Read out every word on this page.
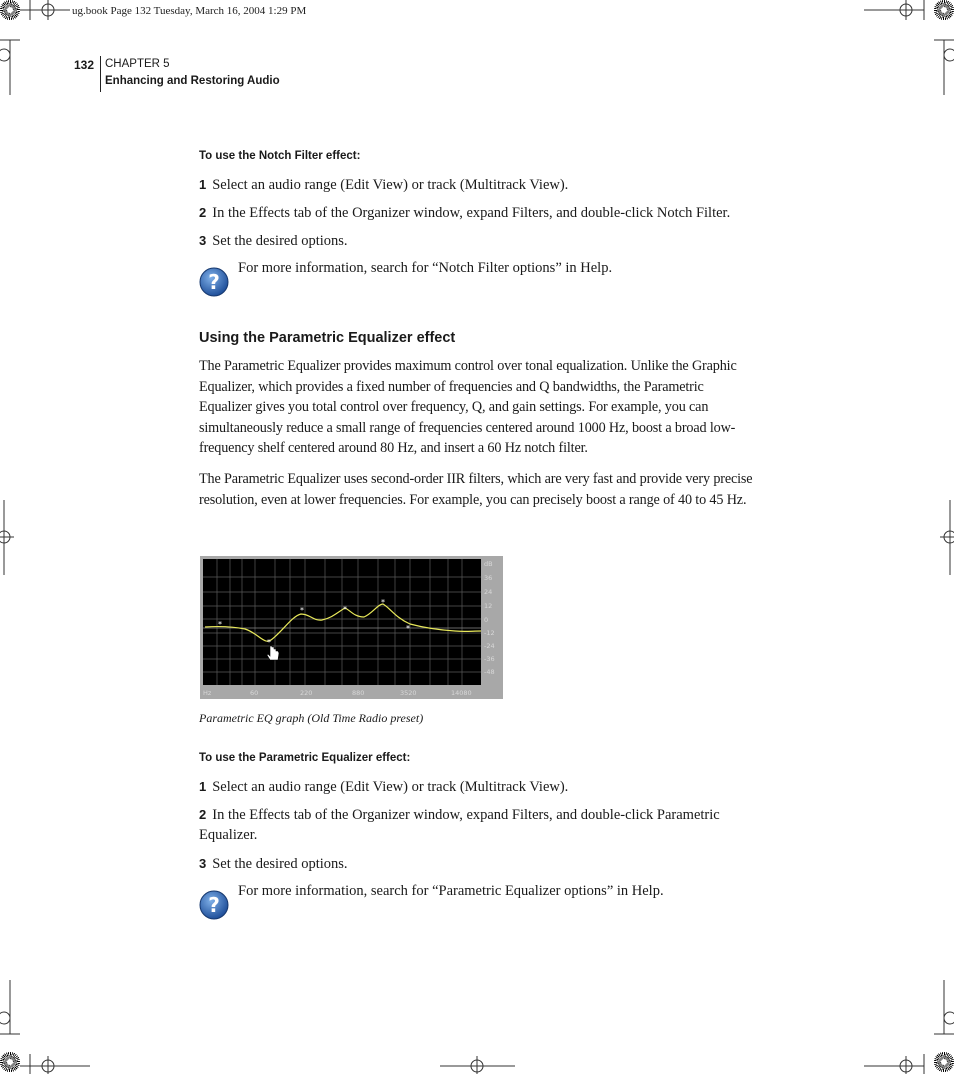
ug.book Page 132 Tuesday, March 16, 2004 1:29 PM
132 CHAPTER 5
Enhancing and Restoring Audio
To use the Notch Filter effect:
1 Select an audio range (Edit View) or track (Multitrack View).
2 In the Effects tab of the Organizer window, expand Filters, and double-click Notch Filter.
3 Set the desired options.
?
For more information, search for “Notch Filter options” in Help.
Using the Parametric Equalizer effect
The Parametric Equalizer provides maximum control over tonal equalization. Unlike the Graphic Equalizer, which provides a fixed number of frequencies and Q bandwidths, the Parametric Equalizer gives you total control over frequency, Q, and gain settings. For example, you can simultaneously reduce a small range of frequencies centered around 1000 Hz, boost a broad low-frequency shelf centered around 80 Hz, and insert a 60 Hz notch filter.
The Parametric Equalizer uses second-order IIR filters, which are very fast and provide very precise resolution, even at lower frequencies. For example, you can precisely boost a range of 40 to 45 Hz.
*
*
*	*
*
*
dB
36
24
12
0
-12
-24
-36
-48
Hz	60	220	880	3520	14080
Parametric EQ graph (Old Time Radio preset)
To use the Parametric Equalizer effect:
1 Select an audio range (Edit View) or track (Multitrack View).
2 In the Effects tab of the Organizer window, expand Filters, and double-click Parametric Equalizer.
3 Set the desired options.
?
For more information, search for “Parametric Equalizer options” in Help.
